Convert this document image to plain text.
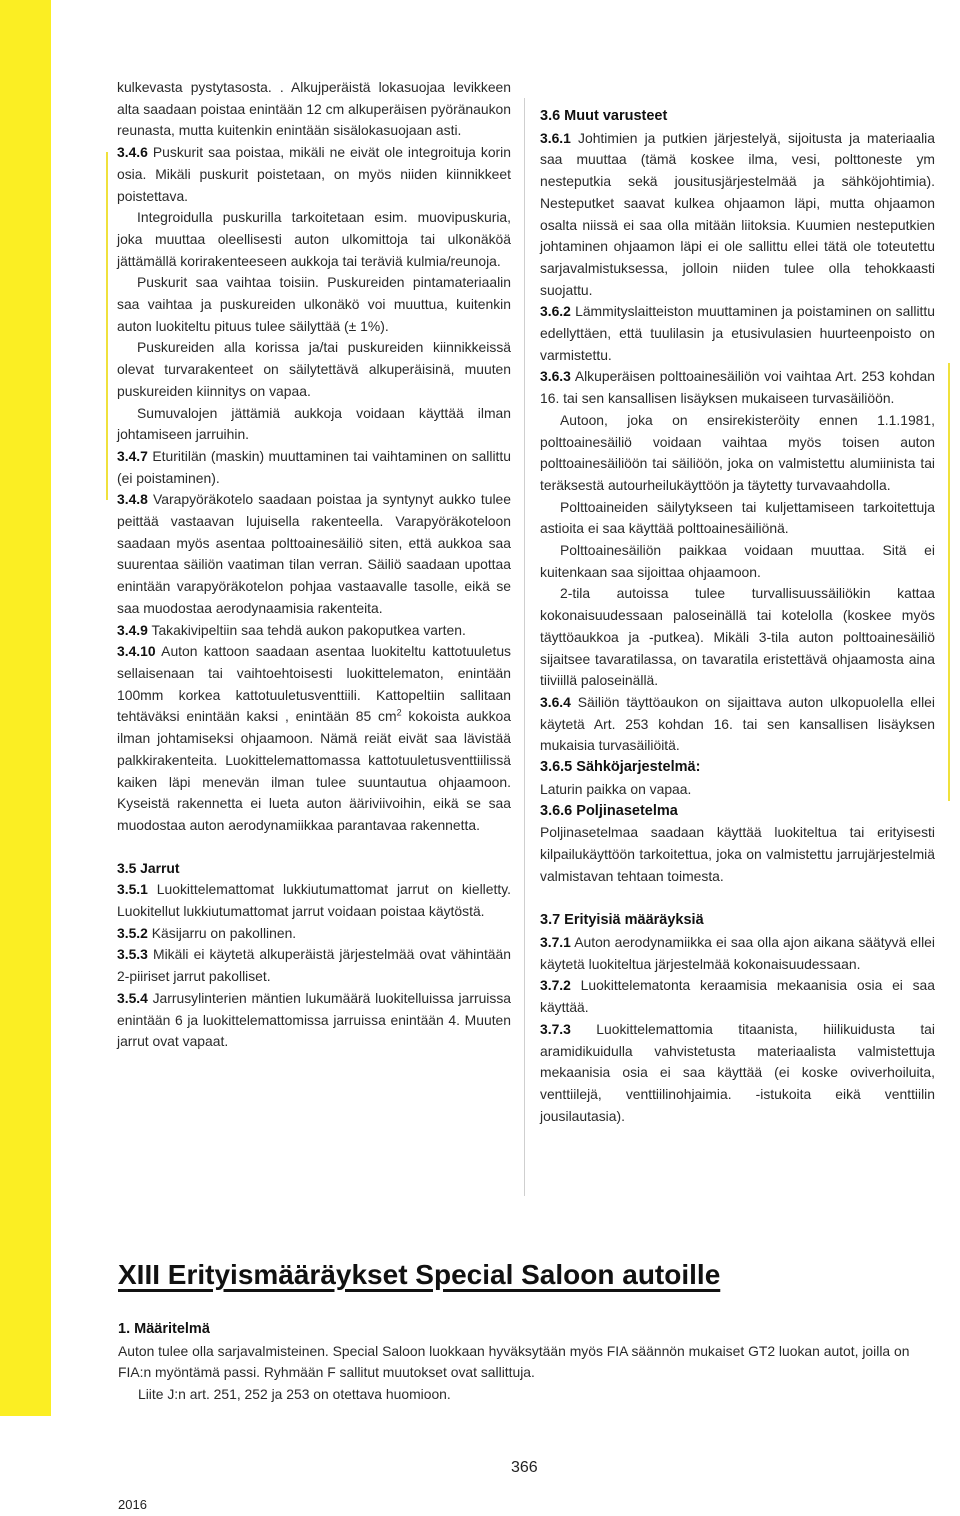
kulkevasta pystytasosta. . Alkujperäistä lokasuojaa levikkeen alta saadaan poistaa enintään 12 cm alkuperäisen pyöränaukon reunasta, mutta kuitenkin enintään sisälokasuojaan asti.

3.4.6 Puskurit saa poistaa, mikäli ne eivät ole integroituja korin osia. Mikäli puskurit poistetaan, on myös niiden kiinnikkeet poistettava.

Integroidulla puskurilla tarkoitetaan esim. muovipuskuria, joka muuttaa oleellisesti auton ulkomittoja tai ulkonäköä jättämällä korirakenteeseen aukkoja tai teräviä kulmia/reunoja.

Puskurit saa vaihtaa toisiin. Puskureiden pintamateriaalin saa vaihtaa ja puskureiden ulkonäkö voi muuttua, kuitenkin auton luokiteltu pituus tulee säilyttää (± 1%).

Puskureiden alla korissa ja/tai puskureiden kiinnikkeissä olevat turvarakenteet on säilytettävä alkuperäisinä, muuten puskureiden kiinnitys on vapaa.

Sumuvalojen jättämiä aukkoja voidaan käyttää ilman johtamiseen jarruihin.

3.4.7 Eturitilän (maskin) muuttaminen tai vaihtaminen on sallittu (ei poistaminen).

3.4.8 Varapyöräkotelo saadaan poistaa ja syntynyt aukko tulee peittää vastaavan lujuisella rakenteella. Varapyöräkoteloon saadaan myös asentaa polttoainesäiliö siten, että aukkoa saa suurentaa säiliön vaatiman tilan verran. Säiliö saadaan upottaa enintään varapyöräkotelon pohjaa vastaavalle tasolle, eikä se saa muodostaa aerodynaamisia rakenteita.

3.4.9 Takakivipeltiin saa tehdä aukon pakoputkea varten.

3.4.10 Auton kattoon saadaan asentaa luokiteltu kattotuuletus sellaisenaan tai vaihtoehtoisesti luokittelematon, enintään 100mm korkea kattotuuletusventtiili. Kattopeltiin sallitaan tehtäväksi enintään kaksi , enintään 85 $cm^2$ kokoista aukkoa ilman johtamiseksi ohjaamoon. Nämä reiät eivät saa lävistää palkkirakenteita. Luokittelemattomassa kattotuuletusventtiilissä kaiken läpi menevän ilman tulee suuntautua ohjaamoon. Kyseistä rakennetta ei lueta auton ääriviivoihin, eikä se saa muodostaa auton aerodynamiikkaa parantavaa rakennetta.

3.5 Jarrut

3.5.1 Luokittelemattomat lukkiutumattomat jarrut on kielletty. Luokitellut lukkiutumattomat jarrut voidaan poistaa käytöstä.

3.5.2 Käsijarru on pakollinen.

3.5.3 Mikäli ei käytetä alkuperäistä järjestelmää ovat vähintään 2-piiriset jarrut pakolliset.

3.5.4 Jarrusylinterien mäntien lukumäärä luokitelluissa jarruissa enintään 6 ja luokittelemattomissa jarruissa enintään 4. Muuten jarrut ovat vapaat.

3.6 Muut varusteet

3.6.1 Johtimien ja putkien järjestelyä, sijoitusta ja materiaalia saa muuttaa (tämä koskee ilma, vesi, polttoneste ym nesteputkia sekä jousitusjärjestelmää ja sähköjohtimia). Nesteputket saavat kulkea ohjaamon läpi, mutta ohjaamon osalta niissä ei saa olla mitään liitoksia. Kuumien nesteputkien johtaminen ohjaamon läpi ei ole sallittu ellei tätä ole toteutettu sarjavalmistuksessa, jolloin niiden tulee olla tehokkaasti suojattu.

3.6.2 Lämmityslaitteiston muuttaminen ja poistaminen on sallittu edellyttäen, että tuulilasin ja etusivulasien huurteenpoisto on varmistettu.

3.6.3 Alkuperäisen polttoainesäiliön voi vaihtaa Art. 253 kohdan 16. tai sen kansallisen lisäyksen mukaiseen turvasäiliöön.

Autoon, joka on ensirekisteröity ennen 1.1.1981, polttoainesäiliö voidaan vaihtaa myös toisen auton polttoainesäiliöön tai säiliöön, joka on valmistettu alumiinista tai teräksestä autourheilukäyttöön ja täytetty turvavaahdolla.

Polttoaineiden säilytykseen tai kuljettamiseen tarkoitettuja astioita ei saa käyttää polttoainesäiliönä.

Polttoainesäiliön paikkaa voidaan muuttaa. Sitä ei kuitenkaan saa sijoittaa ohjaamoon.

2-tila autoissa tulee turvallisuussäiliökin kattaa kokonaisuudessaan paloseinällä tai kotelolla (koskee myös täyttöaukkoa ja -putkea). Mikäli 3-tila auton polttoainesäiliö sijaitsee tavaratilassa, on tavaratila eristettävä ohjaamosta aina tiiviillä paloseinällä.

3.6.4 Säiliön täyttöaukon on sijaittava auton ulkopuolella ellei käytetä Art. 253 kohdan 16. tai sen kansallisen lisäyksen mukaisia turvasäiliöitä.

3.6.5 Sähköjarjestelmä:

Laturin paikka on vapaa.

3.6.6 Poljinasetelma

Poljinasetelmaa saadaan käyttää luokiteltua tai erityisesti kilpailukäyttöön tarkoitettua, joka on valmistettu jarrujärjestelmiä valmistavan tehtaan toimesta.

3.7 Erityisiä määräyksiä

3.7.1 Auton aerodynamiikka ei saa olla ajon aikana säätyvä ellei käytetä luokiteltua järjestelmää kokonaisuudessaan.

3.7.2 Luokittelematonta keraamisia mekaanisia osia ei saa käyttää.

3.7.3 Luokittelemattomia titaanista, hiilikuidusta tai aramidikuidulla vahvistetusta materiaalista valmistettuja mekaanisia osia ei saa käyttää (ei koske oviverhoiluita, venttiilejä, venttiilinohjaimia. -istukoita eikä venttiilin jousilautasia).

XIII Erityismääräykset Special Saloon autoille
1. Määritelmä

Auton tulee olla sarjavalmisteinen. Special Saloon luokkaan hyväksytään myös FIA säännön mukaiset GT2 luokan autot, joilla on FIA:n myöntämä passi. Ryhmään F sallitut muutokset ovat sallittuja.

Liite J:n art. 251, 252 ja 253 on otettava huomioon.

366
2016
